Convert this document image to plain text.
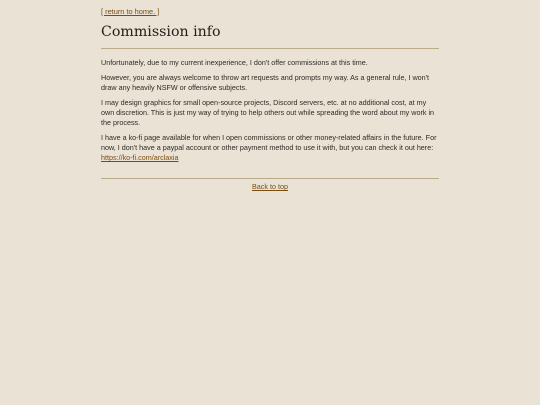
[ return to home. ]
Commission info

Unfortunately, due to my current inexperience, I don't offer commissions at this time.

However, you are always welcome to throw art requests and prompts my way. As a general rule, I won't draw any heavily NSFW or offensive subjects.

I may design graphics for small open-source projects, Discord servers, etc. at no additional cost, at my own discretion. This is just my way of trying to help others out while spreading the word about my work in the process.

I have a ko-fi page available for when I open commissions or other money-related affairs in the future. For now, I don't have a paypal account or other payment method to use it with, but you can check it out here:
https://ko-fi.com/arclaxia

Back to top
